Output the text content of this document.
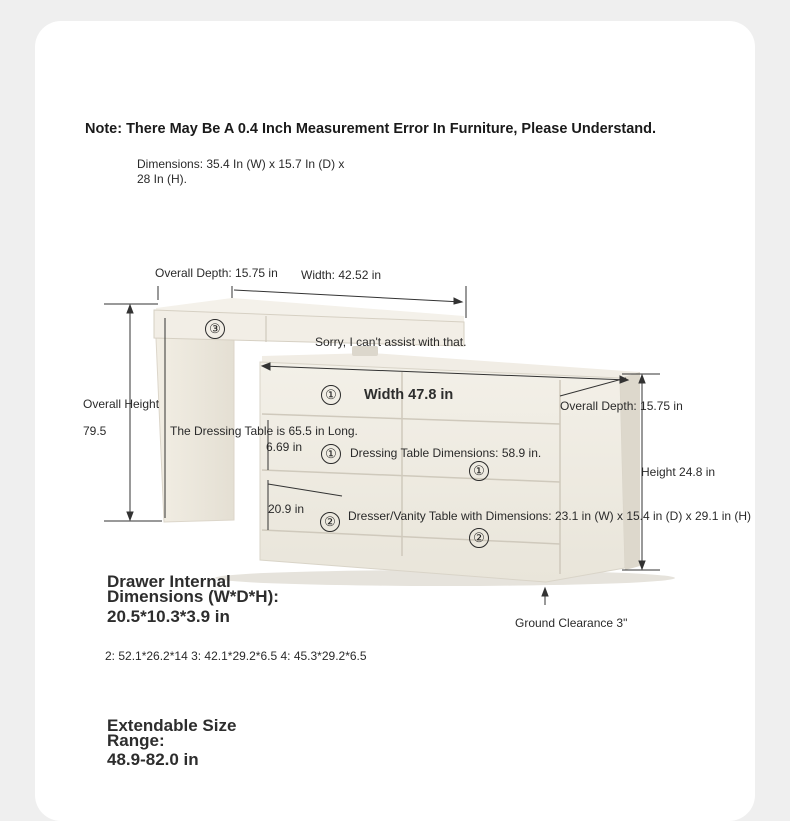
Note: There May Be A 0.4 Inch Measurement Error In Furniture, Please Understand.
Dimensions: 35.4 In (W) x 15.7 In (D) x
28 In (H).
Overall Depth: 15.75 in Width: 42.52 in
Sorry, I can't assist with that.
Overall Height
79.5	The Dressing Table is 65.5 in Long.
6.69 in
Width 47.8 in
Overall Depth: 15.75 in
Dressing Table Dimensions: 58.9 in.
Height 24.8 in
20.9 in	Dresser/Vanity Table with Dimensions: 23.1 in (W) x 15.4 in (D) x 29.1 in (H)
Ground Clearance 3"
③
①
①
①
②
②
Drawer Internal
Dimensions (W*D*H):
20.5*10.3*3.9 in
2: 52.1*26.2*14 3: 42.1*29.2*6.5 4: 45.3*29.2*6.5
Extendable Size
Range:
48.9-82.0 in
